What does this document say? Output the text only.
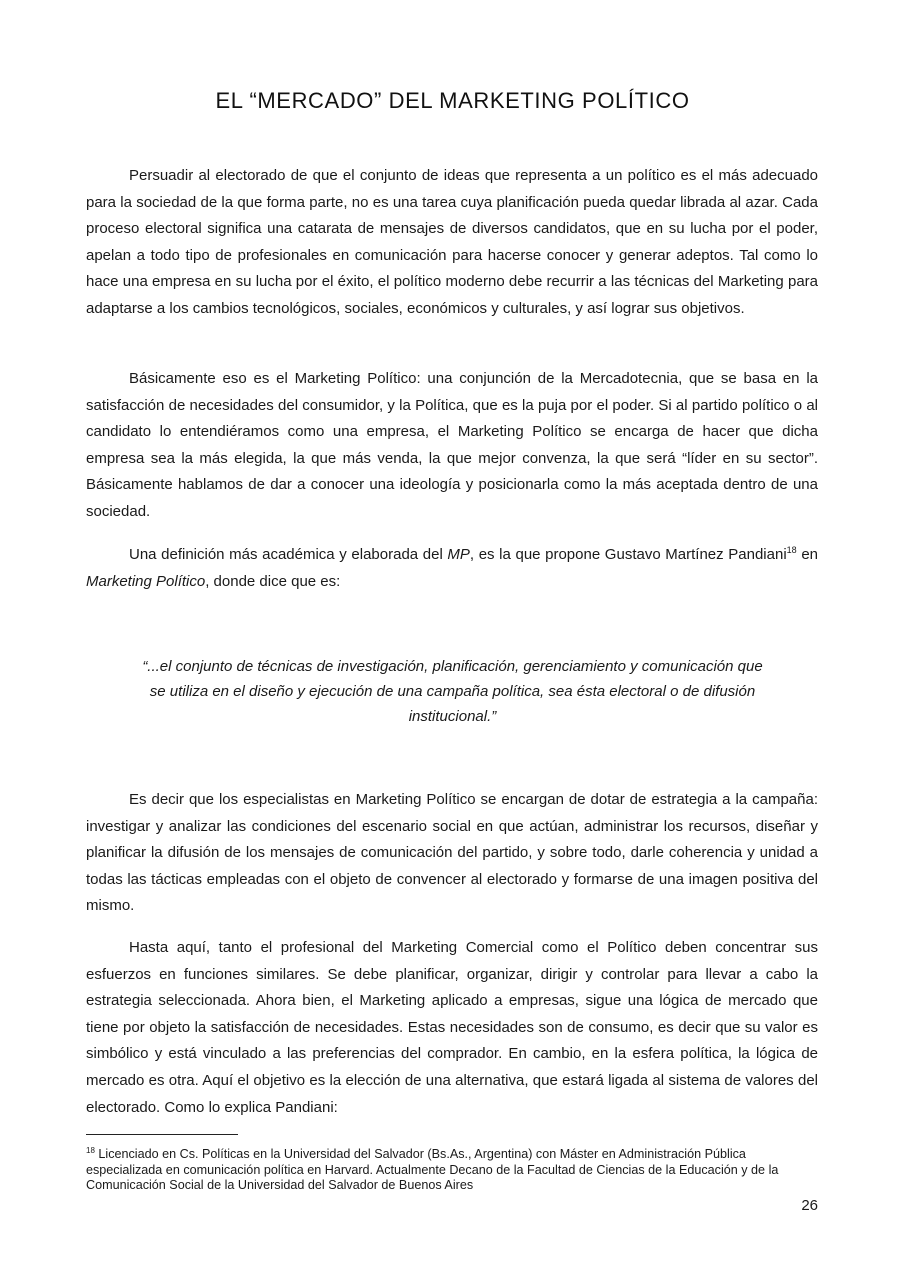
EL “MERCADO” DEL MARKETING POLÍTICO

Persuadir al electorado de que el conjunto de ideas que representa a un político es el más adecuado para la sociedad de la que forma parte, no es una tarea cuya planificación pueda quedar librada al azar. Cada proceso electoral significa una catarata de mensajes de diversos candidatos, que en su lucha por el poder, apelan a todo tipo de profesionales en comunicación para hacerse conocer y generar adeptos. Tal como lo hace una empresa en su lucha por el éxito, el político moderno debe recurrir a las técnicas del Marketing para adaptarse a los cambios tecnológicos, sociales, económicos y culturales, y así lograr sus objetivos.

Básicamente eso es el Marketing Político: una conjunción de la Mercadotecnia, que se basa en la satisfacción de necesidades del consumidor, y la Política, que es la puja por el poder. Si al partido político o al candidato lo entendiéramos como una empresa, el Marketing Político se encarga de hacer que dicha empresa sea la más elegida, la que más venda, la que mejor convenza, la que será “líder en su sector”. Básicamente hablamos de dar a conocer una ideología y posicionarla como la más aceptada dentro de una sociedad.

Una definición más académica y elaborada del MP, es la que propone Gustavo Martínez Pandiani$^{18}$ en Marketing Político, donde dice que es:

“...el conjunto de técnicas de investigación, planificación, gerenciamiento y comunicación que se utiliza en el diseño y ejecución de una campaña política, sea ésta electoral o de difusión institucional.”

Es decir que los especialistas en Marketing Político se encargan de dotar de estrategia a la campaña: investigar y analizar las condiciones del escenario social en que actúan, administrar los recursos, diseñar y planificar la difusión de los mensajes de comunicación del partido, y sobre todo, darle coherencia y unidad a todas las tácticas empleadas con el objeto de convencer al electorado y formarse de una imagen positiva del mismo.

Hasta aquí, tanto el profesional del Marketing Comercial como el Político deben concentrar sus esfuerzos en funciones similares. Se debe planificar, organizar, dirigir y controlar para llevar a cabo la estrategia seleccionada. Ahora bien, el Marketing aplicado a empresas, sigue una lógica de mercado que tiene por objeto la satisfacción de necesidades. Estas necesidades son de consumo, es decir que su valor es simbólico y está vinculado a las preferencias del comprador. En cambio, en la esfera política, la lógica de mercado es otra. Aquí el objetivo es la elección de una alternativa, que estará ligada al sistema de valores del electorado. Como lo explica Pandiani:

$^{18}$ Licenciado en Cs. Políticas en la Universidad del Salvador (Bs.As., Argentina) con Máster en Administración Pública especializada en comunicación política en Harvard. Actualmente Decano de la Facultad de Ciencias de la Educación y de la Comunicación Social de la Universidad del Salvador de Buenos Aires

26
